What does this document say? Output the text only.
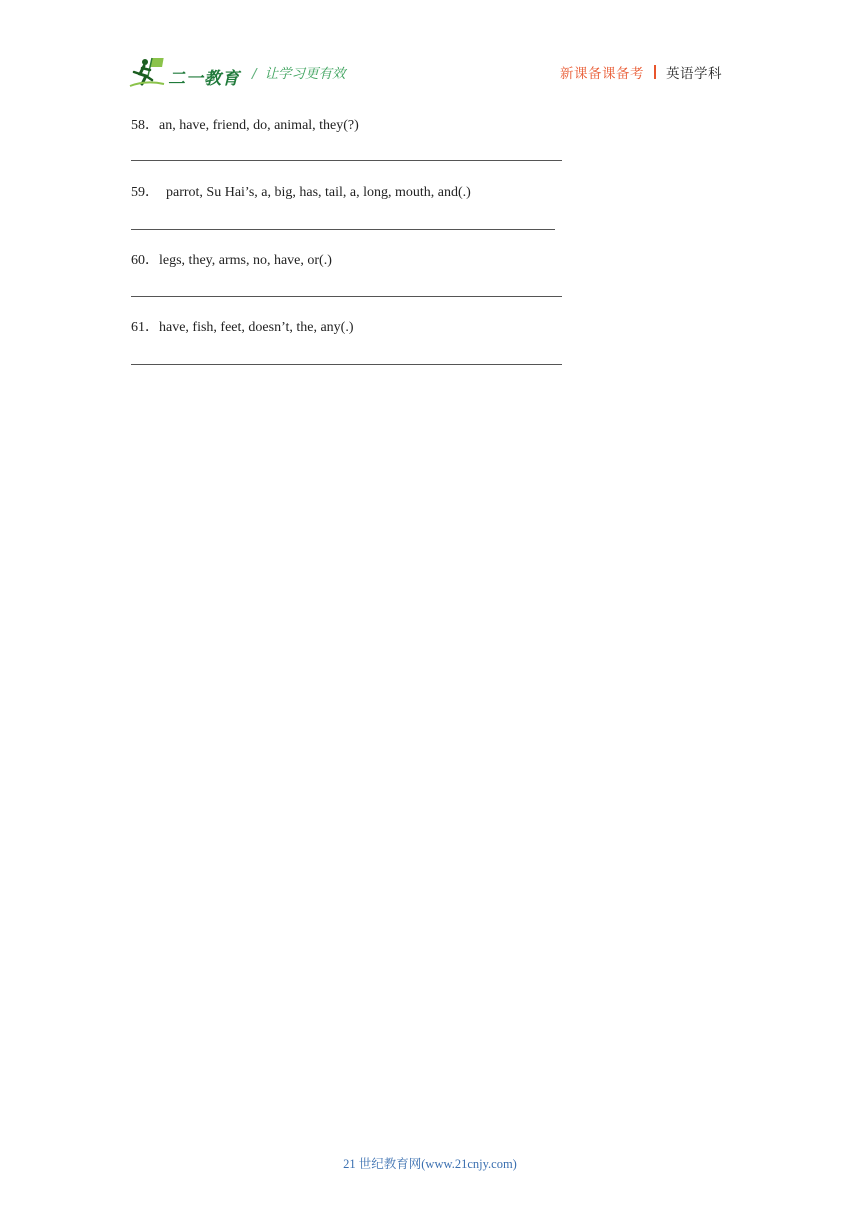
二一教育 / 让学习更有效	新课备课备考 英语学科
58．an, have, friend, do, animal, they(?)
59．  parrot, Su Hai’s, a, big, has, tail, a, long, mouth, and(.)
60．legs, they, arms, no, have, or(.)
61．have, fish, feet, doesn’t, the, any(.)
21 世纪教育网(www.21cnjy.com)
